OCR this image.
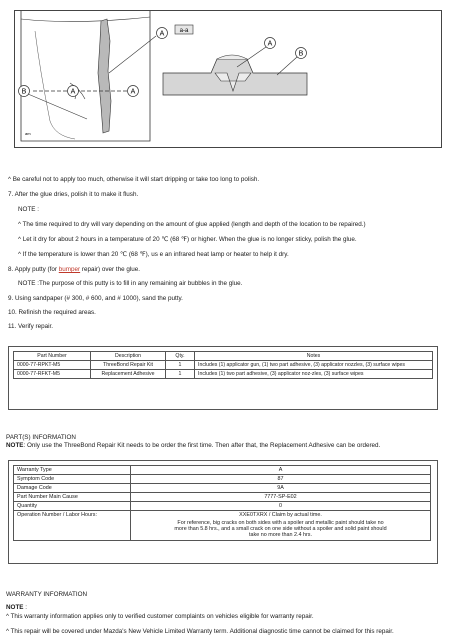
A
B	A	A
a-a
A
B
am
^ Be careful not to apply too much, otherwise it will start dripping or take too long to polish.
7. After the glue dries, polish it to make it flush.
NOTE :
^ The time required to dry will vary depending on the amount of glue applied (length and depth of the location to be repaired.)
^ Let it dry for about 2 hours in a temperature of 20 ℃ (68 ℉) or higher. When the glue is no longer sticky, polish the glue.
^ If the temperature is lower than 20 ℃ (68 ℉), us e an infrared heat lamp or heater to help it dry.
8. Apply putty (for bumper repair) over the glue.
NOTE :The purpose of this putty is to fill in any remaining air bubbles in the glue.
9. Using sandpaper (# 300, # 600, and # 1000), sand the putty.
10. Refinish the required areas.
11. Verify repair.
Part Number	Description	Qty.	Notes
0000-77-RPKT-M5	ThreeBond Repair Kit	1	Includes (1) applicator gun, (1) two part adhesive, (3) applicator nozzles, (3) surface wipes
0000-77-RFKT-M5	Replacement Adhesive	1	Includes (1) two part adhesive, (3) applicator noz-zles, (3) surface wipes
PART(S) INFORMATION
NOTE: Only use the ThreeBond Repair Kit needs to be order the first time. Then after that, the Replacement Adhesive can be ordered.
Warranty Type	A
Symptom Code	87
Damage Code	9A
Part Number Main Cause	7777-SP-E02
Quantity	0
Operation Number / Labor Hours:	XXE0TXRX / Claim by actual time.
For reference, big cracks on both sides with a spoiler and metallic paint should take no more than 5.8 hrs., and a small crack on one side without a spoiler and solid paint should take no more than 2.4 hrs.
WARRANTY INFORMATION
NOTE :
^ This warranty information applies only to verified customer complaints on vehicles eligible for warranty repair.
^ This repair will be covered under Mazda's New Vehicle Limited Warranty term. Additional diagnostic time cannot be claimed for this repair.
